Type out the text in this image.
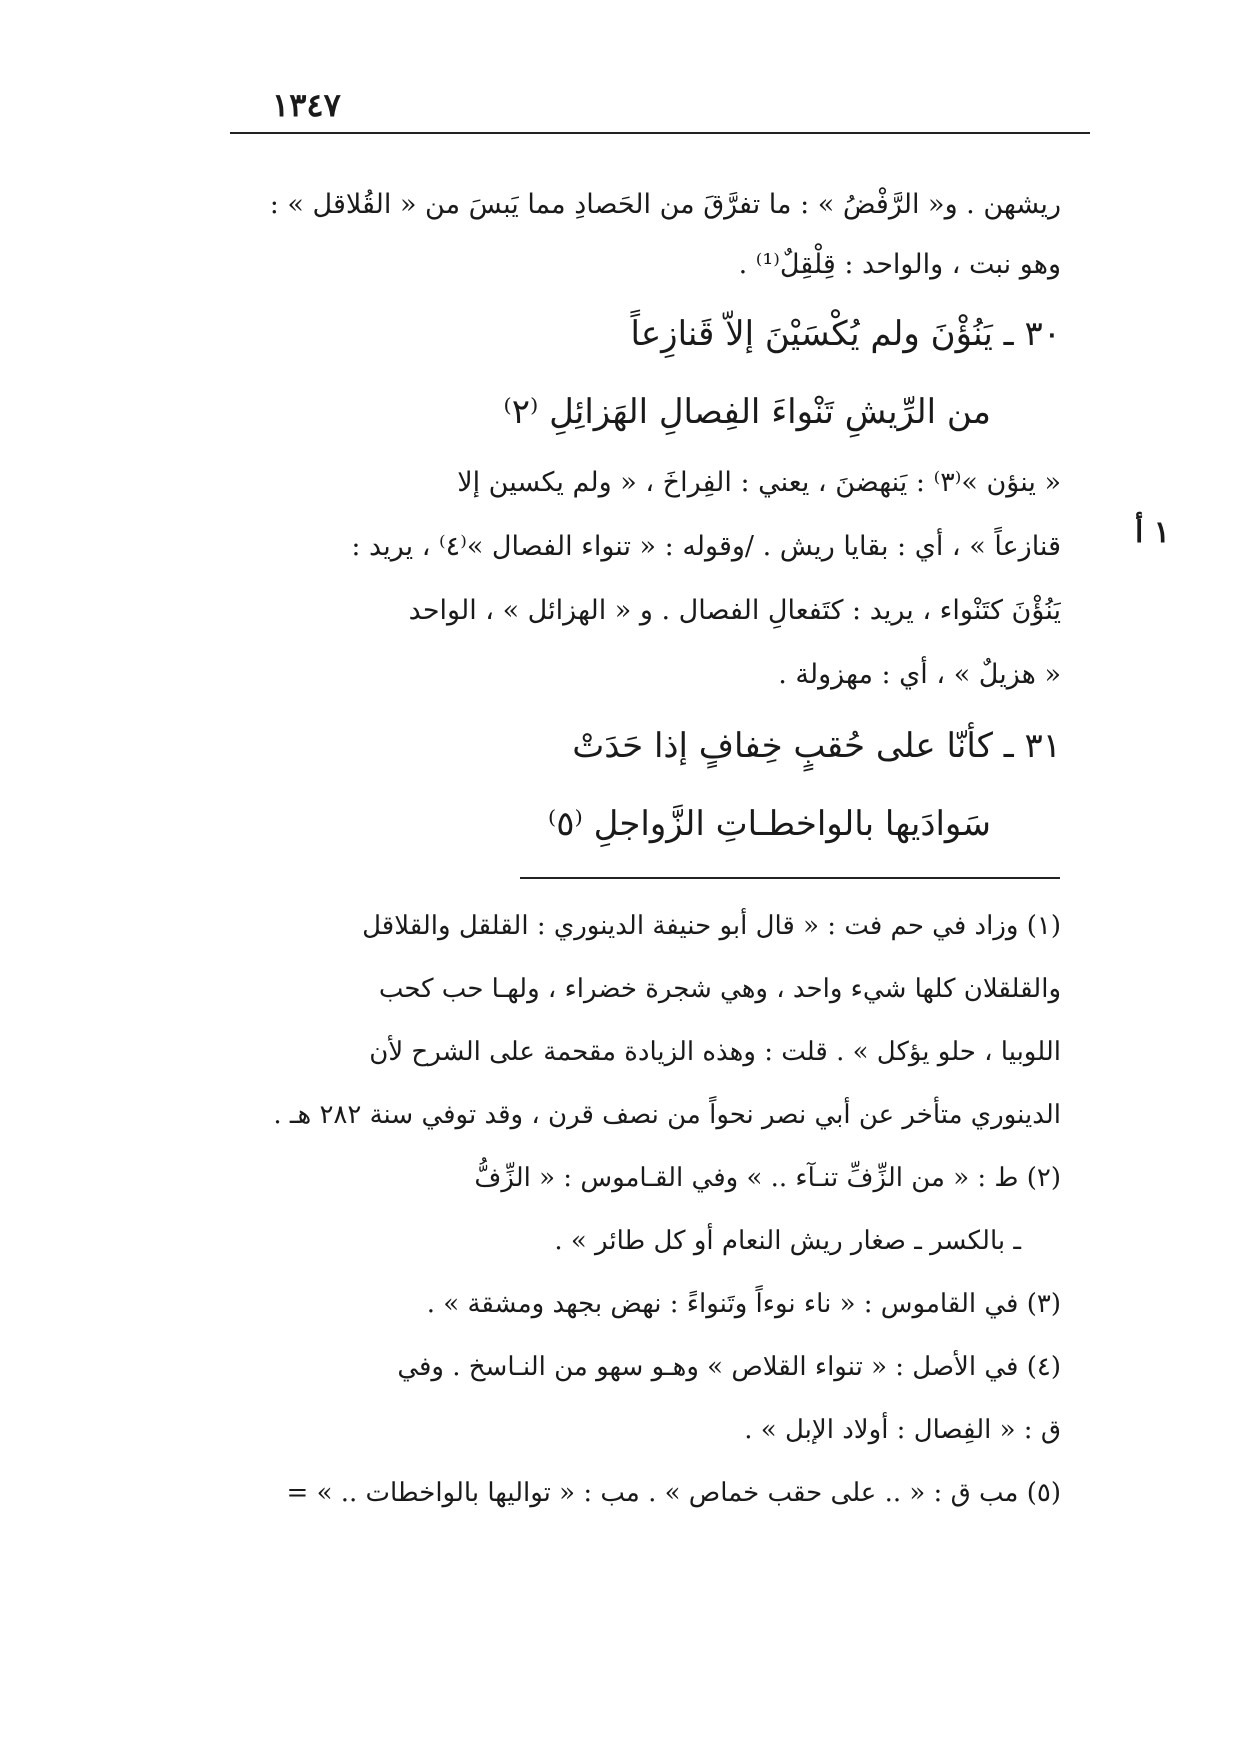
١٣٤٧
١ أ
ريشهن . و« الرَّفْضُ » : ما تفرَّقَ من الحَصادِ مما يَبسَ من « القُلاقل » :
وهو نبت ، والواحد : قِلْقِلٌ⁽¹⁾ .
٣٠ ـ يَنُؤْنَ ولم يُكْسَيْنَ إلاّ قَنازِعاً
من الرِّيشِ تَنْواءَ الفِصالِ الهَزائِلِ ⁽٢⁾
« ينؤن »⁽٣⁾ : يَنهضنَ ، يعني : الفِراخَ ، « ولم يكسين إلا
قنازعاً » ، أي : بقايا ريش . /وقوله : « تنواء الفصال »⁽٤⁾ ، يريد :
يَنُؤْنَ كتَنْواء ، يريد : كتَفعالِ الفصال . و « الهزائل » ، الواحد
« هزيلٌ » ، أي : مهزولة .
٣١ ـ كأنّا على حُقبٍ خِفافٍ إذا حَدَتْ
سَوادَيها بالواخطـاتِ الزَّواجلِ ⁽٥⁾
(١) وزاد في حم فت : « قال أبو حنيفة الدينوري : القلقل والقلاقل
والقلقلان كلها شيء واحد ، وهي شجرة خضراء ، ولهـا حب كحب
اللوبيا ، حلو يؤكل » . قلت : وهذه الزيادة مقحمة على الشرح لأن
الدينوري متأخر عن أبي نصر نحواً من نصف قرن ، وقد توفي سنة ٢٨٢ هـ .
(٢) ط : « من الزِّفِّ تنـآء .. » وفي القـاموس : « الزِّفُّ
ـ بالكسر ـ صغار ريش النعام أو كل طائر » .
(٣) في القاموس : « ناء نوءاً وتَنواءً : نهض بجهد ومشقة » .
(٤) في الأصل : « تنواء القلاص » وهـو سهو من النـاسخ . وفي
ق : « الفِصال : أولاد الإبل » .
(٥) مب ق : « .. على حقب خماص » . مب : « تواليها بالواخطات .. » =
